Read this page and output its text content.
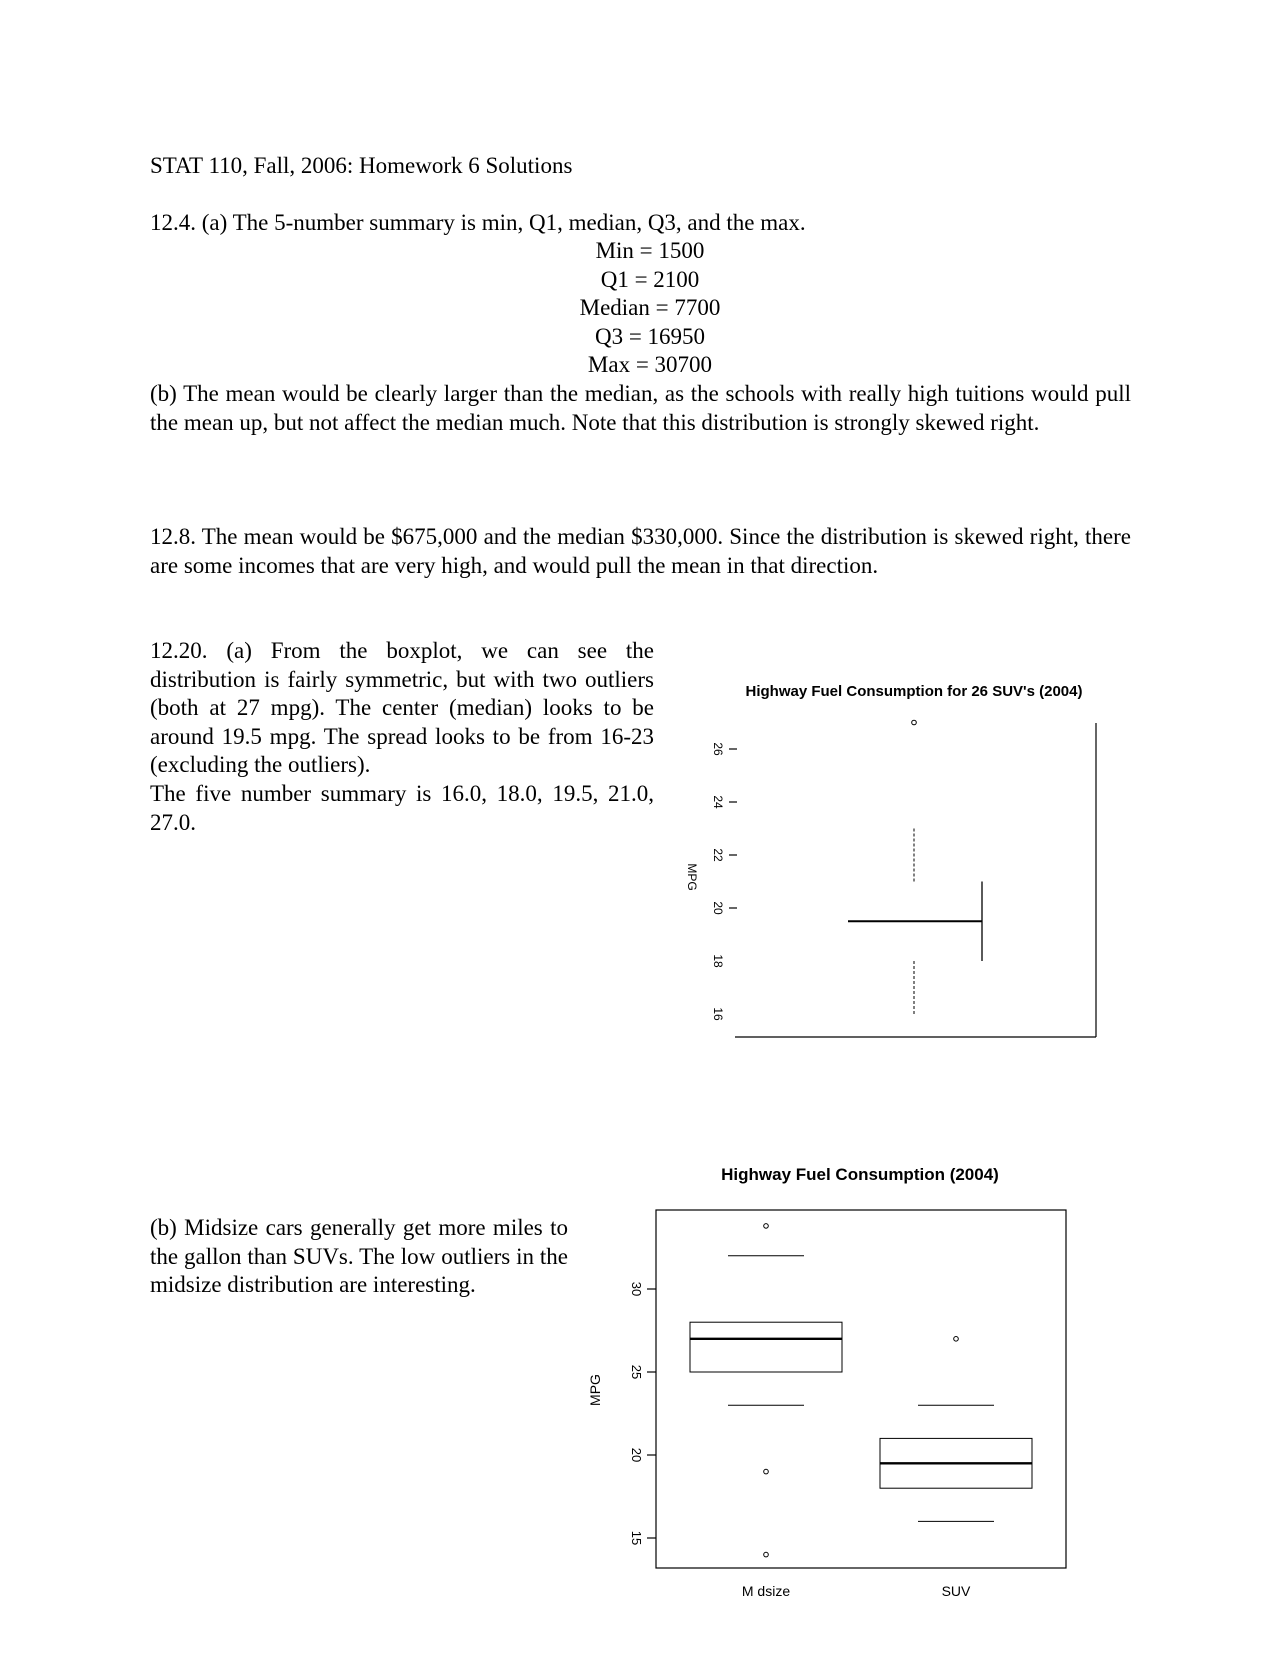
STAT 110, Fall, 2006: Homework 6 Solutions
12.4. (a) The 5-number summary is min, Q1, median, Q3, and the max.
Min = 1500
Q1 = 2100
Median = 7700
Q3 = 16950
Max = 30700
(b) The mean would be clearly larger than the median, as the schools with really high tuitions would pull the mean up, but not affect the median much. Note that this distribution is strongly skewed right.
12.8. The mean would be $675,000 and the median $330,000. Since the distribution is skewed right, there are some incomes that are very high, and would pull the mean in that direction.
12.20. (a) From the boxplot, we can see the distribution is fairly symmetric, but with two outliers (both at 27 mpg). The center (median) looks to be around 19.5 mpg. The spread looks to be from 16-23 (excluding the outliers).
The five number summary is 16.0, 18.0, 19.5, 21.0, 27.0.
Highway Fuel Consumption for 26 SUV's (2004)
MPG
16
18
20
22
24
26
Highway Fuel Consumption (2004)
MPG
15
20
25
30
M dsize	SUV
(b) Midsize cars generally get more miles to the gallon than SUVs. The low outliers in the midsize distribution are interesting.
